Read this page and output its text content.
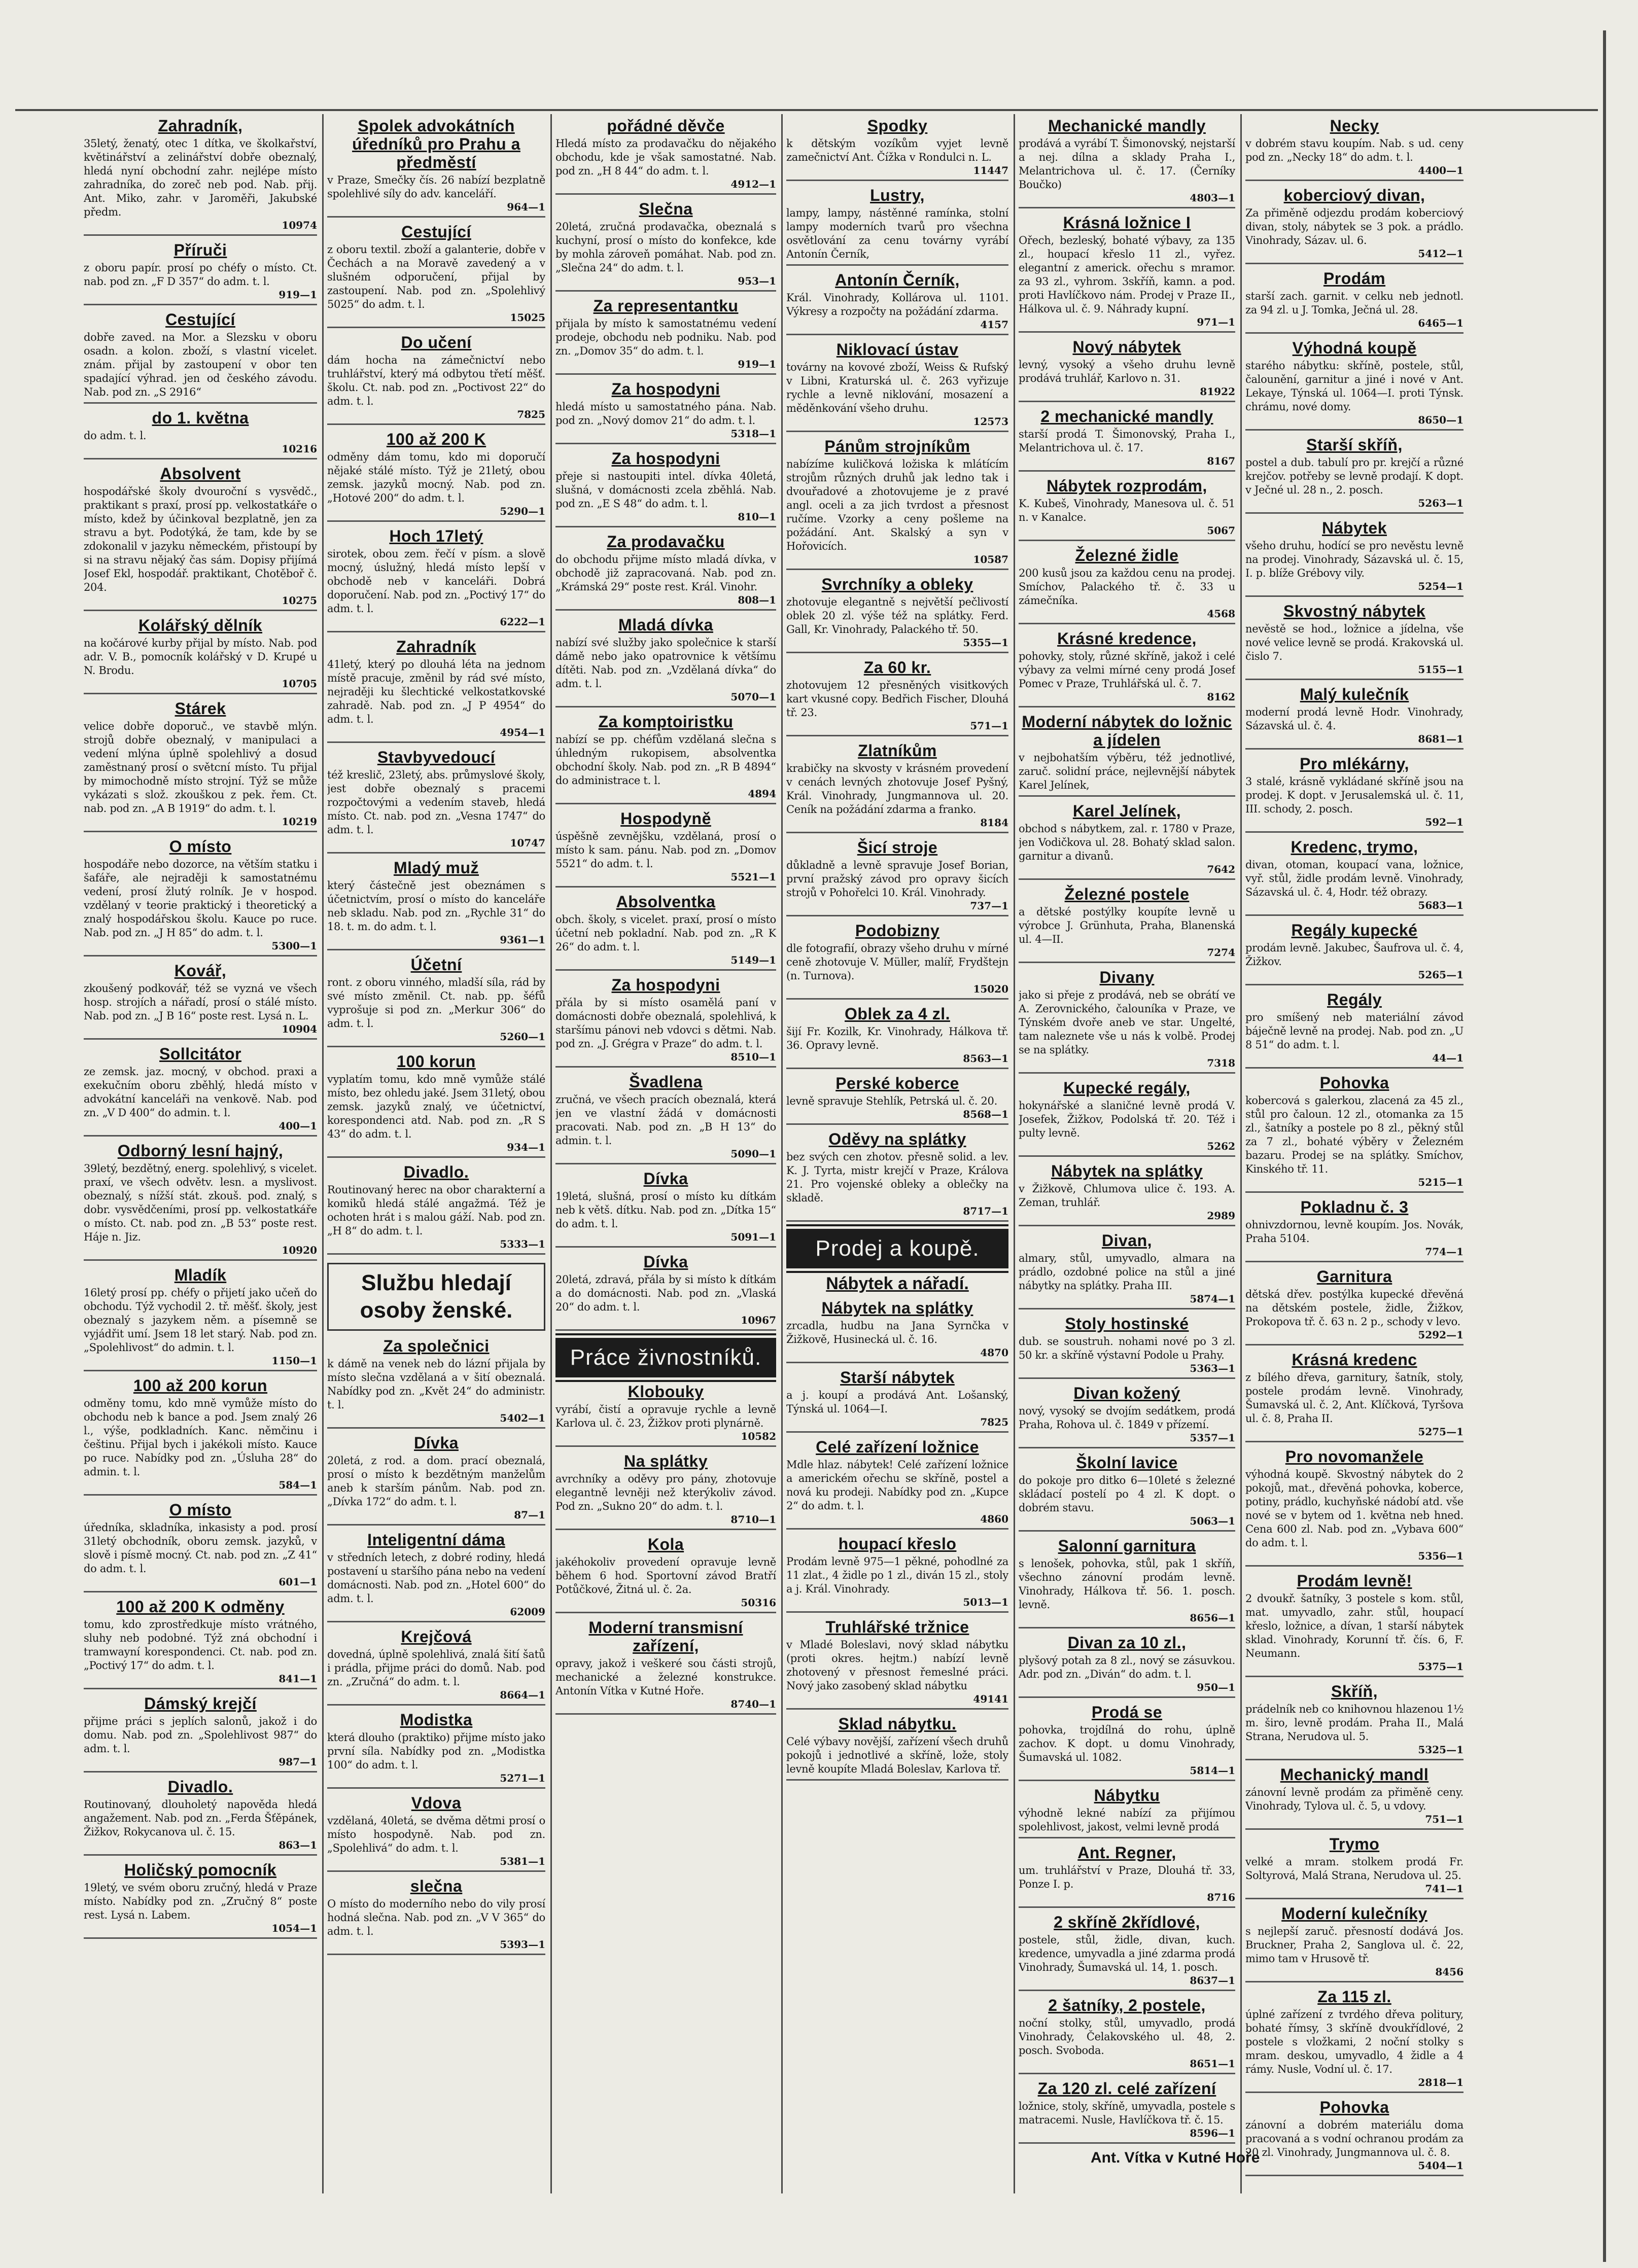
Zahradník,

35letý, ženatý, otec 1 dítka, ve školkařství, květinářství a zelinářství dobře obeznalý, hledá nyní obchodní zahr. nejlépe místo zahradníka, do zoreč neb pod. Nab. přij. Ant. Miko, zahr. v Jaroměři, Jakubské předm.

10974
Příruči

z oboru papír. prosí po chéfy o místo. Ct. nab. pod zn. „F D 357“ do adm. t. l.

919—1
Cestující

dobře zaved. na Mor. a Slezsku v oboru osadn. a kolon. zboží, s vlastní vicelet. znám. přijal by zastoupení v obor ten spadající výhrad. jen od českého závodu. Nab. pod zn. „S 2916“

do 1. května

do adm. t. l.

10216
Absolvent

hospodářské školy dvouroční s vysvědč., praktikant s praxí, prosí pp. velkostatkáře o místo, kdež by účinkoval bezplatně, jen za stravu a byt. Podotýká, že tam, kde by se zdokonalil v jazyku německém, přistoupí by si na stravu nějaký čas sám. Dopisy přijímá Josef Ekl, hospodář. praktikant, Chotěboř č. 204.

10275
Kolářský dělník

na kočárové kurby přijal by místo. Nab. pod adr. V. B., pomocník kolářský v D. Krupé u N. Brodu.

10705
Stárek

velice dobře doporuč., ve stavbě mlýn. strojů dobře obeznalý, v manipulaci a vedení mlýna úplně spolehlivý a dosud zaměstnaný prosí o světcní místo. Tu přijal by mimochodně místo strojní. Týž se může vykázati s slož. zkouškou z pek. řem. Ct. nab. pod zn. „A B 1919“ do adm. t. l.

10219
O místo

hospodáře nebo dozorce, na větším statku i šafáře, ale nejraději k samostatnému vedení, prosí žlutý rolník. Je v hospod. vzdělaný v teorie praktický i theoretický a znalý hospodářskou školu. Kauce po ruce. Nab. pod zn. „J H 85“ do adm. t. l.

5300—1
Kovář,

zkoušený podkovář, též se vyzná ve všech hosp. strojích a nářadí, prosí o stálé místo. Nab. pod zn. „J B 16“ poste rest. Lysá n. L.

10904
Sollcitátor

ze zemsk. jaz. mocný, v obchod. praxi a exekučním oboru zběhlý, hledá místo v advokátní kanceláři na venkově. Nab. pod zn. „V D 400“ do admin. t. l.

400—1
Odborný lesní hajný,

39letý, bezdětný, energ. spolehlivý, s vicelet. praxí, ve všech odvětv. lesn. a myslivost. obeznalý, s nížší stát. zkouš. pod. znalý, s dobr. vysvědčeními, prosí pp. velkostatkáře o místo. Ct. nab. pod zn. „B 53“ poste rest. Háje n. Jiz.

10920
Mladík

16letý prosí pp. chéfy o přijetí jako učeň do obchodu. Týž vychodil 2. tř. měšť. školy, jest obeznalý s jazykem něm. a písemně se vyjádřit umí. Jsem 18 let starý. Nab. pod zn. „Spolehlivost“ do admin. t. l.

1150—1
100 až 200 korun

odměny tomu, kdo mně vymůže místo do obchodu neb k bance a pod. Jsem znalý 26 l., výše, podkladních. Kanc. němčinu i češtinu. Přijal bych i jakékoli místo. Kauce po ruce. Nabídky pod zn. „Úsluha 28“ do admin. t. l.

584—1
O místo

úředníka, skladníka, inkasisty a pod. prosí 31letý obchodník, oboru zemsk. jazyků, v slově i písmě mocný. Ct. nab. pod zn. „Z 41“ do adm. t. l.

601—1
100 až 200 K odměny

tomu, kdo zprostředkuje místo vrátného, sluhy neb podobné. Týž zná obchodní i tramwayní korespondenci. Ct. nab. pod zn. „Poctivý 17“ do adm. t. l.

841—1
Dámský krejčí

přijme práci s jeplích salonů, jakož i do domu. Nab. pod zn. „Spolehlivost 987“ do adm. t. l.

987—1
Divadlo.

Routinovaný, dlouholetý napověda hledá angažement. Nab. pod zn. „Ferda Šťěpánek, Žižkov, Rokycanova ul. č. 15.

863—1
Holičský pomocník

19letý, ve svém oboru zručný, hledá v Praze místo. Nabídky pod zn. „Zručný 8“ poste rest. Lysá n. Labem.

1054—1
Spolek advokátních úředníků pro Prahu a předměstí

v Praze, Smečky čís. 26 nabízí bezplatně spolehlivé síly do adv. kanceláří.

964—1
Cestující

z oboru textil. zboží a galanterie, dobře v Čechách a na Moravě zavedený a v slušném odporučení, přijal by zastoupení. Nab. pod zn. „Spolehlivý 5025“ do adm. t. l.

15025
Do učení

dám hocha na zámečnictví nebo truhlářství, který má odbytou třetí měšť. školu. Ct. nab. pod zn. „Poctivost 22“ do adm. t. l.

7825
100 až 200 K

odměny dám tomu, kdo mi doporučí nějaké stálé místo. Týž je 21letý, obou zemsk. jazyků mocný. Nab. pod zn. „Hotové 200“ do adm. t. l.

5290—1
Hoch 17letý

sirotek, obou zem. řečí v písm. a slově mocný, úslužný, hledá místo lepší v obchodě neb v kanceláři. Dobrá doporučení. Nab. pod zn. „Poctivý 17“ do adm. t. l.

6222—1
Zahradník

41letý, který po dlouhá léta na jednom místě pracuje, změnil by rád své místo, nejraději ku šlechtické velkostatkovské zahradě. Nab. pod zn. „J P 4954“ do adm. t. l.

4954—1
Stavbyvedoucí

též kreslič, 23letý, abs. průmyslové školy, jest dobře obeznalý s pracemi rozpočtovými a vedením staveb, hledá místo. Ct. nab. pod zn. „Vesna 1747“ do adm. t. l.

10747
Mladý muž

který částečně jest obeznámen s účetnictvím, prosí o místo do kanceláře neb skladu. Nab. pod zn. „Rychle 31“ do 18. t. m. do adm. t. l.

9361—1
Účetní

ront. z oboru vinného, mladší síla, rád by své místo změnil. Ct. nab. pp. šéfů vyprošuje si pod zn. „Merkur 306“ do adm. t. l.

5260—1
100 korun

vyplatím tomu, kdo mně vymůže stálé místo, bez ohledu jaké. Jsem 31letý, obou zemsk. jazyků znalý, ve účetnictví, korespondenci atd. Nab. pod zn. „R S 43“ do adm. t. l.

934—1
Divadlo.

Routinovaný herec na obor charakterní a komiků hledá stálé angažmá. Též je ochoten hrát i s malou gáží. Nab. pod zn. „H 8“ do adm. t. l.

5333—1
Službu hledají osoby ženské.
Za společnici

k dámě na venek neb do lázní přijala by místo slečna vzdělaná a v šití obeznalá. Nabídky pod zn. „Květ 24“ do administr. t. l.

5402—1
Dívka

20letá, z rod. a dom. prací obeznalá, prosí o místo k bezdětným manželům aneb k starším pánům. Nab. pod zn. „Dívka 172“ do adm. t. l.

87—1
Inteligentní dáma

v středních letech, z dobré rodiny, hledá postavení u staršího pána nebo na vedení domácnosti. Nab. pod zn. „Hotel 600“ do adm. t. l.

62009
Krejčová

dovedná, úplně spolehlivá, znalá šití šatů i prádla, přijme práci do domů. Nab. pod zn. „Zručná“ do adm. t. l.

8664—1
Modistka

která dlouho (praktiko) přijme místo jako první síla. Nabídky pod zn. „Modistka 100“ do adm. t. l.

5271—1
Vdova

vzdělaná, 40letá, se dvěma dětmi prosí o místo hospodyně. Nab. pod zn. „Spolehlivá“ do adm. t. l.

5381—1
slečna

O místo do moderního nebo do vily prosí hodná slečna. Nab. pod zn. „V V 365“ do adm. t. l.

5393—1
pořádné děvče

Hledá místo za prodavačku do nějakého obchodu, kde je však samostatné. Nab. pod zn. „H 8 44“ do adm. t. l.

4912—1
Slečna

20letá, zručná prodavačka, obeznalá s kuchyní, prosí o místo do konfekce, kde by mohla zároveň pomáhat. Nab. pod zn. „Slečna 24“ do adm. t. l.

953—1
Za representantku

přijala by místo k samostatnému vedení prodeje, obchodu neb podniku. Nab. pod zn. „Domov 35“ do adm. t. l.

919—1
Za hospodyni

hledá místo u samostatného pána. Nab. pod zn. „Nový domov 21“ do adm. t. l.

5318—1
Za hospodyni

přeje si nastoupiti intel. dívka 40letá, slušná, v domácnosti zcela zběhlá. Nab. pod zn. „E S 48“ do adm. t. l.

810—1
Za prodavačku

do obchodu přijme místo mladá dívka, v obchodě již zapracovaná. Nab. pod zn. „Krámská 29“ poste rest. Král. Vinohr.

808—1
Mladá dívka

nabízí své služby jako společnice k starší dámě nebo jako opatrovnice k většímu dítěti. Nab. pod zn. „Vzdělaná dívka“ do adm. t. l.

5070—1
Za komptoiristku

nabízí se pp. chéfům vzdělaná slečna s úhledným rukopisem, absolventka obchodní školy. Nab. pod zn. „R B 4894“ do administrace t. l.

4894
Hospodyně

úspěšně zevnějšku, vzdělaná, prosí o místo k sam. pánu. Nab. pod zn. „Domov 5521“ do adm. t. l.

5521—1
Absolventka

obch. školy, s vicelet. praxí, prosí o místo účetní neb pokladní. Nab. pod zn. „R K 26“ do adm. t. l.

5149—1
Za hospodyni

přála by si místo osamělá paní v domácnosti dobře obeznalá, spolehlivá, k staršímu pánovi neb vdovci s dětmi. Nab. pod zn. „J. Grégra v Praze“ do adm. t. l.

8510—1
Švadlena

zručná, ve všech pracích obeznalá, která jen ve vlastní žádá v domácnosti pracovati. Nab. pod zn. „B H 13“ do admin. t. l.

5090—1
Dívka

19letá, slušná, prosí o místo ku dítkám neb k větš. dítku. Nab. pod zn. „Dítka 15“ do adm. t. l.

5091—1
Dívka

20letá, zdravá, přála by si místo k dítkám a do domácnosti. Nab. pod zn. „Vlaská 20“ do adm. t. l.

10967
Práce živnostníků.
Klobouky

vyrábí, čistí a opravuje rychle a levně Karlova ul. č. 23, Žižkov proti plynárně.

10582
Na splátky

avrchníky a oděvy pro pány, zhotovuje elegantně levněji než kterýkoliv závod. Pod zn. „Sukno 20“ do adm. t. l.

8710—1
Kola

jakéhokoliv provedení opravuje levně během 6 hod. Sportovní závod Bratří Potůčkové, Žitná ul. č. 2a.

50316
Moderní transmisní zařízení,

opravy, jakož i veškeré sou části strojů, mechanické a železné konstrukce. Antonín Vítka v Kutné Hoře.

8740—1
Spodky

k dětským vozíkům vyjet levně zamečnictví Ant. Čížka v Rondulci n. L.

11447
Lustry,

lampy, lampy, nástěnné ramínka, stolní lampy moderních tvarů pro všechna osvětlování za cenu továrny vyrábí Antonín Černík,

Antonín Černík,

Král. Vinohrady, Kollárova ul. 1101. Výkresy a rozpočty na požádání zdarma.

4157
Niklovací ústav

továrny na kovové zboží, Weiss & Rufský v Libni, Kraturská ul. č. 263 vyřizuje rychle a levně niklování, mosazení a měděnkování všeho druhu.

12573
Pánům strojníkům

nabízíme kuličková ložiska k mlátícím strojům různých druhů jak ledno tak i dvouřadové a zhotovujeme je z pravé angl. oceli a za jich tvrdost a přesnost ručíme. Vzorky a ceny pošleme na požádání. Ant. Skalský a syn v Hořovicích.

10587
Svrchníky a obleky

zhotovuje elegantně s největší pečlivostí oblek 20 zl. výše též na splátky. Ferd. Gall, Kr. Vinohrady, Palackého tř. 50.

5355—1
Za 60 kr.

zhotovujem 12 přesněných visitkových kart vkusné copy. Bedřich Fischer, Dlouhá tř. 23.

571—1
Zlatníkům

krabičky na skvosty v krásném provedení v cenách levných zhotovuje Josef Pyšný, Král. Vinohrady, Jungmannova ul. 20. Ceník na požádání zdarma a franko.

8184
Šicí stroje

důkladně a levně spravuje Josef Borian, první pražský závod pro opravy šicích strojů v Pohořelci 10. Král. Vinohrady.

737—1
Podobizny

dle fotografií, obrazy všeho druhu v mírné ceně zhotovuje V. Müller, malíř, Frydštejn (n. Turnova).

15020
Oblek za 4 zl.

šijí Fr. Kozilk, Kr. Vinohrady, Hálkova tř. 36. Opravy levně.

8563—1
Perské koberce

levně spravuje Stehlík, Petrská ul. č. 20.

8568—1
Oděvy na splátky

bez svých cen zhotov. přesně solid. a lev. K. J. Tyrta, mistr krejčí v Praze, Králova 21. Pro vojenské obleky a oblečky na skladě.

8717—1
Prodej a koupě.
Nábytek a nářadí.
Nábytek na splátky

zrcadla, hudbu na Jana Syrnčka v Žižkově, Husinecká ul. č. 16.

4870
Starší nábytek

a j. koupí a prodává Ant. Lošanský, Týnská ul. 1064—I.

7825
Celé zařízení ložnice

Mdle hlaz. nábytek! Celé zařízení ložnice a americkém ořechu se skříně, postel a nová ku prodeji. Nabídky pod zn. „Kupce 2“ do adm. t. l.

4860
houpací křeslo

Prodám levně 975—1 pěkné, pohodlné za 11 zlat., 4 židle po 1 zl., diván 15 zl., stoly a j. Král. Vinohrady.

5013—1
Truhlářské tržnice

v Mladé Boleslavi, nový sklad nábytku (proti okres. hejtm.) nabízí levně zhotovený v přesnost řemeslné práci. Nový jako zasobený sklad nábytku

49141
Sklad nábytku.

Celé výbavy novější, zařízení všech druhů pokojů i jednotlivé a skříně, lože, stoly levně koupíte Mladá Boleslav, Karlova tř.

Mechanické mandly

prodává a vyrábí T. Šimonovský, nejstarší a nej. dílna a sklady Praha I., Melantrichova ul. č. 17. (Černíky Boučko)

4803—1
Krásná ložnice I

Ořech, bezleský, bohaté výbavy, za 135 zl., houpací křeslo 11 zl., vyřez. elegantní z americk. ořechu s mramor. za 93 zl., vyhrom. 3skříň, kamn. a pod. proti Havlíčkovo nám. Prodej v Praze II., Hálkova ul. č. 9. Náhrady kupní.

971—1
Nový nábytek

levný, vysoký a všeho druhu levně prodává truhlář, Karlovo n. 31.

81922
2 mechanické mandly

starší prodá T. Šimonovský, Praha I., Melantrichova ul. č. 17.

8167
Nábytek rozprodám,

K. Kubeš, Vinohrady, Manesova ul. č. 51 n. v Kanalce.

5067
Železné židle

200 kusů jsou za každou cenu na prodej. Smíchov, Palackého tř. č. 33 u zámečníka.

4568
Krásné kredence,

pohovky, stoly, různé skříně, jakož i celé výbavy za velmi mírné ceny prodá Josef Pomec v Praze, Truhlářská ul. č. 7.

8162
Moderní nábytek do ložnic a jídelen

v nejbohatším výběru, též jednotlivé, zaruč. solidní práce, nejlevnější nábytek Karel Jelínek,

Karel Jelínek,

obchod s nábytkem, zal. r. 1780 v Praze, jen Vodičkova ul. 28. Bohatý sklad salon. garnitur a divanů.

7642
Železné postele

a dětské postýlky koupíte levně u výrobce J. Grünhuta, Praha, Blanenská ul. 4—II.

7274
Divany

jako si přeje z prodává, neb se obrátí ve A. Zerovnického, čalouníka v Praze, ve Týnském dvoře aneb ve star. Ungelté, tam naleznete vše u nás k volbě. Prodej se na splátky.

7318
Kupecké regály,

hokynářské a slaničné levně prodá V. Josefek, Žižkov, Podolská tř. 20. Též i pulty levně.

5262
Nábytek na splátky

v Žižkově, Chlumova ulice č. 193. A. Zeman, truhlář.

2989
Divan,

almary, stůl, umyvadlo, almara na prádlo, ozdobné police na stůl a jiné nábytky na splátky. Praha III.

5874—1
Stoly hostinské

dub. se soustruh. nohami nové po 3 zl. 50 kr. a skříně výstavní Podole u Prahy.

5363—1
Divan kožený

nový, vysoký se dvojím sedátkem, prodá Praha, Rohova ul. č. 1849 v přízemí.

5357—1
Školní lavice

do pokoje pro ditko 6—10leté s železné skládací postelí po 4 zl. K dopt. o dobrém stavu.

5063—1
Salonní garnitura

s lenošek, pohovka, stůl, pak 1 skříň, všechno zánovní prodám levně. Vinohrady, Hálkova tř. 56. 1. posch. levně.

8656—1
Divan za 10 zl.,

plyšový potah za 8 zl., nový se zásuvkou. Adr. pod zn. „Diván“ do adm. t. l.

950—1
Prodá se

pohovka, trojdílná do rohu, úplně zachov. K dopt. u domu Vinohrady, Šumavská ul. 1082.

5814—1
Nábytku

výhodně lekné nabízí za přijímou spolehlivost, jakost, velmi levně prodá

Ant. Regner,

um. truhlářství v Praze, Dlouhá tř. 33, Ponze I. p.

8716
2 skříně 2křídlové,

postele, stůl, židle, divan, kuch. kredence, umyvadla a jiné zdarma prodá Vinohrady, Šumavská ul. 14, 1. posch.

8637—1
2 šatníky, 2 postele,

noční stolky, stůl, umyvadlo, prodá Vinohrady, Čelakovského ul. 48, 2. posch. Svoboda.

8651—1
Za 120 zl. celé zařízení

ložnice, stoly, skříně, umyvadla, postele s matracemi. Nusle, Havlíčkova tř. č. 15.

8596—1
Necky

v dobrém stavu koupím. Nab. s ud. ceny pod zn. „Necky 18“ do adm. t. l.

4400—1
koberciový divan,

Za přiměně odjezdu prodám koberciový divan, stoly, nábytek se 3 pok. a prádlo. Vinohrady, Sázav. ul. 6.

5412—1
Prodám

starší zach. garnit. v celku neb jednotl. za 94 zl. u J. Tomka, Ječná ul. 28.

6465—1
Výhodná koupě

starého nábytku: skříně, postele, stůl, čalounění, garnitur a jiné i nové v Ant. Lekaye, Týnská ul. 1064—I. proti Týnsk. chrámu, nové domy.

8650—1
Starší skříň,

postel a dub. tabulí pro pr. krejčí a různé krejčov. potřeby se levně prodají. K dopt. v Ječné ul. 28 n., 2. posch.

5263—1
Nábytek

všeho druhu, hodící se pro nevěstu levně na prodej. Vinohrady, Sázavská ul. č. 15, I. p. blíže Grébovy vily.

5254—1
Skvostný nábytek

nevěstě se hod., ložnice a jídelna, vše nové velice levně se prodá. Krakovská ul. čislo 7.

5155—1
Malý kulečník

moderní prodá levně Hodr. Vinohrady, Sázavská ul. č. 4.

8681—1
Pro mlékárny,

3 stalé, krásně vykládané skříně jsou na prodej. K dopt. v Jerusalemská ul. č. 11, III. schody, 2. posch.

592—1
Kredenc, trymo,

divan, otoman, koupací vana, ložnice, vyř. stůl, židle prodám levně. Vinohrady, Sázavská ul. č. 4, Hodr. též obrazy.

5683—1
Regály kupecké

prodám levně. Jakubec, Šaufrova ul. č. 4, Žižkov.

5265—1
Regály

pro smíšený neb materiální závod báječně levně na prodej. Nab. pod zn. „U 8 51“ do adm. t. l.

44—1
Pohovka

kobercová s galerkou, zlacená za 45 zl., stůl pro čaloun. 12 zl., otomanka za 15 zl., šatníky a postele po 8 zl., pěkný stůl za 7 zl., bohaté výběry v Železném bazaru. Prodej se na splátky. Smíchov, Kinského tř. 11.

5215—1
Pokladnu č. 3

ohnivzdornou, levně koupím. Jos. Novák, Praha 5104.

774—1
Garnitura

dětská dřev. postýlka kupecké dřevěná na dětském postele, židle, Žižkov, Prokopova tř. č. 63 n. 2 p., schody v levo.

5292—1
Krásná kredenc

z bílého dřeva, garnitury, šatník, stoly, postele prodám levně. Vinohrady, Šumavská ul. č. 2, Ant. Klíčková, Tyršova ul. č. 8, Praha II.

5275—1
Pro novomanžele

výhodná koupě. Skvostný nábytek do 2 pokojů, mat., dřevěná pohovka, koberce, potiny, prádlo, kuchyňské nádobí atd. vše nové se v bytem od 1. května neb hned. Cena 600 zl. Nab. pod zn. „Vybava 600“ do adm. t. l.

5356—1
Prodám levně!

2 dvoukř. šatníky, 3 postele s kom. stůl, mat. umyvadlo, zahr. stůl, houpací křeslo, ložnice, a dívan, 1 starší nábytek sklad. Vinohrady, Korunní tř. čís. 6, F. Neumann.

5375—1
Skříň,

prádelník neb co knihovnou hlazenou 1½ m. širo, levně prodám. Praha II., Malá Strana, Nerudova ul. 5.

5325—1
Mechanický mandl

zánovní levně prodám za přiměně ceny. Vinohrady, Tylova ul. č. 5, u vdovy.

751—1
Trymo

velké a mram. stolkem prodá Fr. Soltyrová, Malá Strana, Nerudova ul. 25.

741—1
Moderní kulečníky

s nejlepší zaruč. přesností dodává Jos. Bruckner, Praha 2, Sanglova ul. č. 22, mimo tam v Hrusově tř.

8456
Za 115 zl.

úplné zařízení z tvrdého dřeva politury, bohaté římsy, 3 skříně dvoukřídlové, 2 postele s vložkami, 2 noční stolky s mram. deskou, umyvadlo, 4 židle a 4 rámy. Nusle, Vodní ul. č. 17.

2818—1
Pohovka

zánovní a dobrém materiálu doma pracovaná a s vodní ochranou prodám za 20 zl. Vinohrady, Jungmannova ul. č. 8.

5404—1
Ant. Vítka v Kutné Hoře
